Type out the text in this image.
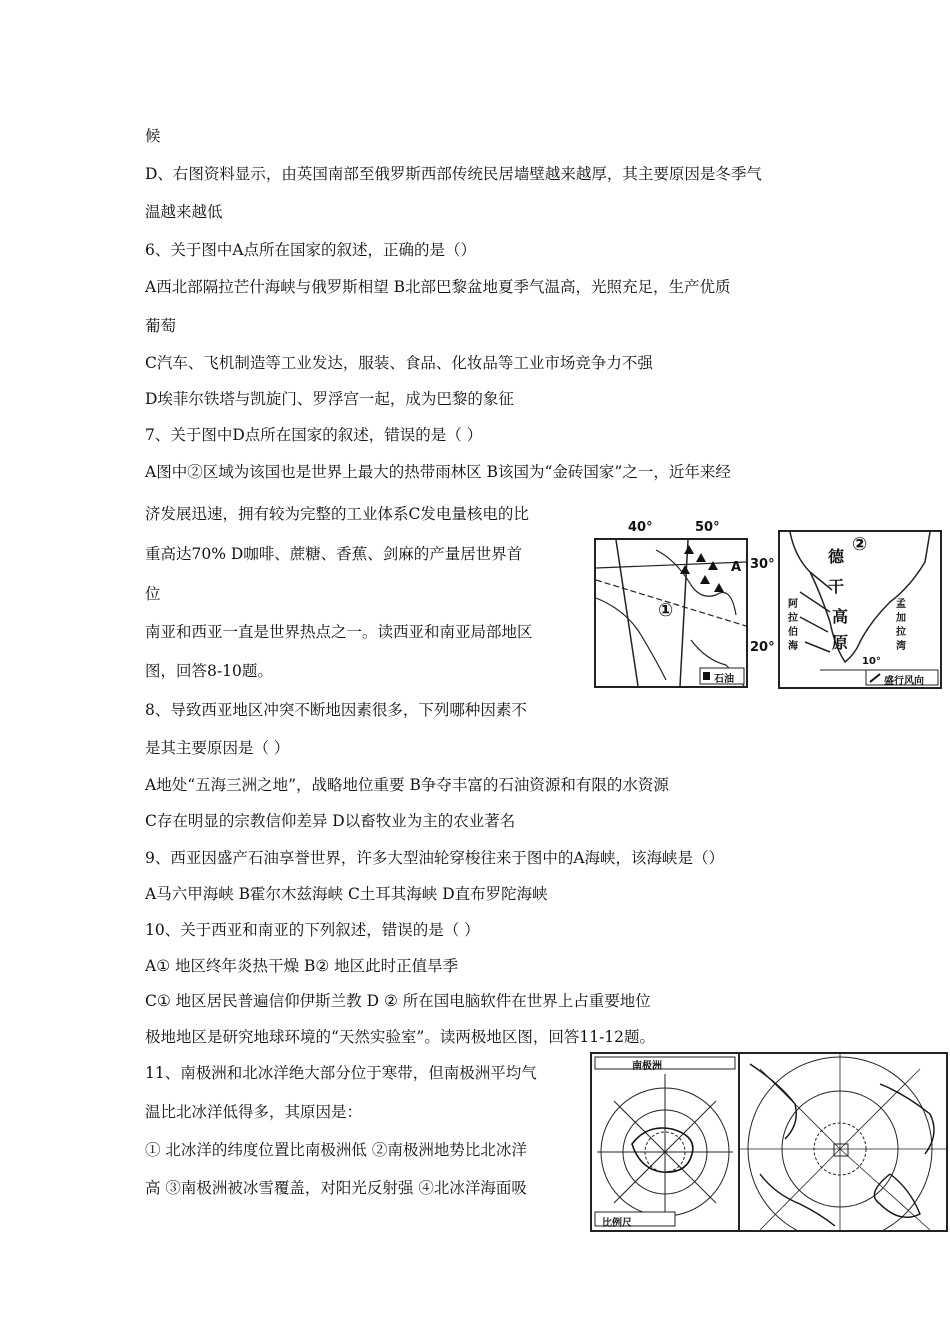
候
D、右图资料显示，由英国南部至俄罗斯西部传统民居墙壁越来越厚，其主要原因是冬季气
温越来越低
6、关于图中A点所在国家的叙述，正确的是（）
A西北部隔拉芒什海峡与俄罗斯相望 B北部巴黎盆地夏季气温高，光照充足，生产优质
葡萄
C汽车、飞机制造等工业发达，服装、食品、化妆品等工业市场竞争力不强
D埃菲尔铁塔与凯旋门、罗浮宫一起，成为巴黎的象征
7、关于图中D点所在国家的叙述，错误的是（ ）
A图中②区域为该国也是世界上最大的热带雨林区 B该国为“金砖国家”之一，近年来经
济发展迅速，拥有较为完整的工业体系C发电量核电的比
重高达70% D咖啡、蔗糖、香蕉、剑麻的产量居世界首
位
南亚和西亚一直是世界热点之一。读西亚和南亚局部地区
图，回答8-10题。
8、导致西亚地区冲突不断地因素很多，下列哪种因素不
是其主要原因是（ ）
A地处“五海三洲之地”，战略地位重要 B争夺丰富的石油资源和有限的水资源
C存在明显的宗教信仰差异 D以畜牧业为主的农业著名
9、西亚因盛产石油享誉世界，许多大型油轮穿梭往来于图中的A海峡，该海峡是（）
A马六甲海峡 B霍尔木兹海峡 C土耳其海峡 D直布罗陀海峡
10、关于西亚和南亚的下列叙述，错误的是（ ）
A① 地区终年炎热干燥 B② 地区此时正值旱季
C① 地区居民普遍信仰伊斯兰教 D ② 所在国电脑软件在世界上占重要地位
极地地区是研究地球环境的“天然实验室”。读两极地区图，回答11-12题。
11、南极洲和北冰洋绝大部分位于寒带，但南极洲平均气
温比北冰洋低得多，其原因是：
① 北冰洋的纬度位置比南极洲低 ②南极洲地势比北冰洋
高 ③南极洲被冰雪覆盖，对阳光反射强 ④北冰洋海面吸
40°	50°
30°
A
①
石油
20°
②
德
干
高
原
阿拉伯海
孟加拉湾
10°
盛行风向
南极洲
比例尺
